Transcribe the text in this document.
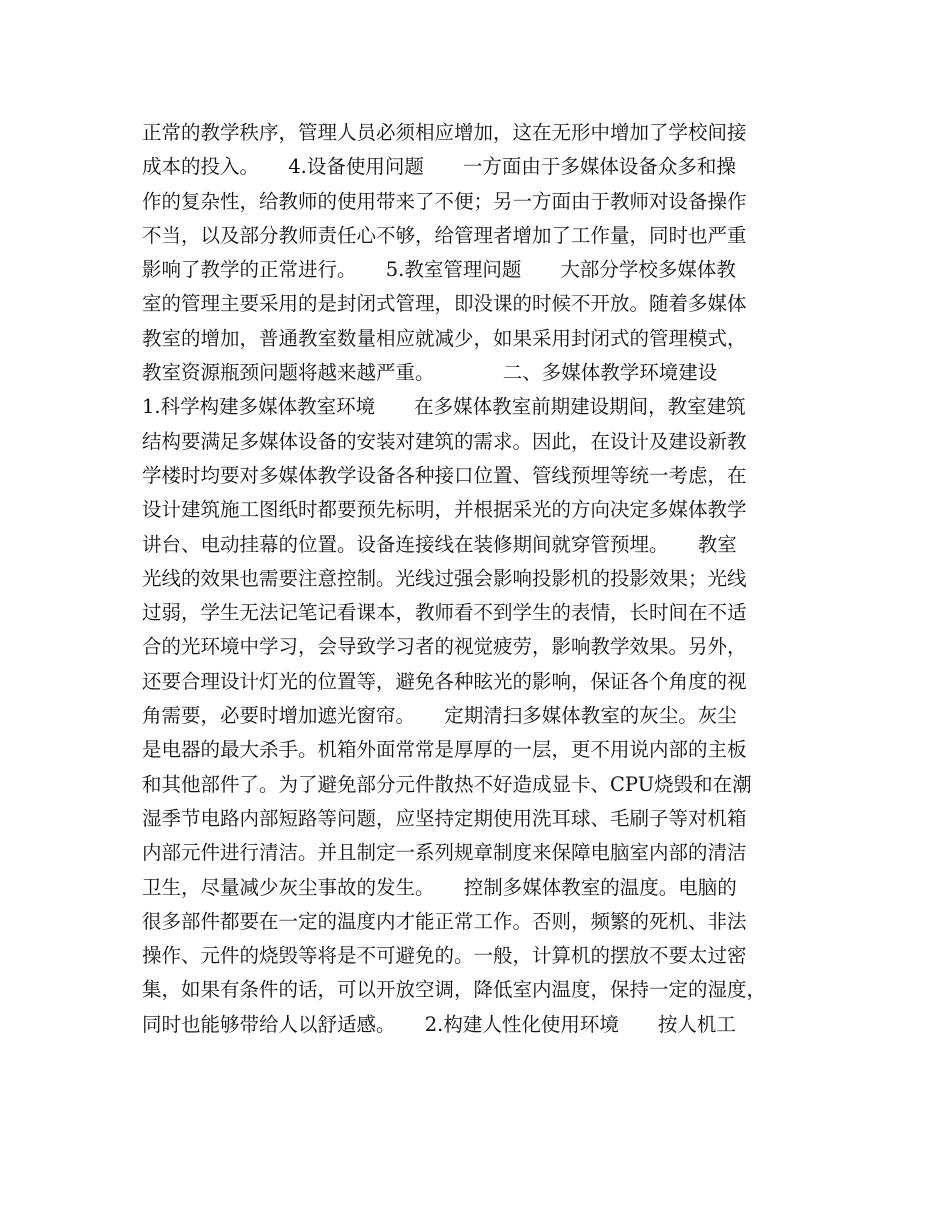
正常的教学秩序，管理人员必须相应增加，这在无形中增加了学校间接
成本的投入。　　4.设备使用问题　　一方面由于多媒体设备众多和操
作的复杂性，给教师的使用带来了不便；另一方面由于教师对设备操作
不当，以及部分教师责任心不够，给管理者增加了工作量，同时也严重
影响了教学的正常进行。　　5.教室管理问题　　大部分学校多媒体教
室的管理主要采用的是封闭式管理，即没课的时候不开放。随着多媒体
教室的增加，普通教室数量相应就减少，如果采用封闭式的管理模式，
教室资源瓶颈问题将越来越严重。　　　　二、多媒体教学环境建设
1.科学构建多媒体教室环境　　在多媒体教室前期建设期间，教室建筑
结构要满足多媒体设备的安装对建筑的需求。因此，在设计及建设新教
学楼时均要对多媒体教学设备各种接口位置、管线预埋等统一考虑，在
设计建筑施工图纸时都要预先标明，并根据采光的方向决定多媒体教学
讲台、电动挂幕的位置。设备连接线在装修期间就穿管预埋。　　教室
光线的效果也需要注意控制。光线过强会影响投影机的投影效果；光线
过弱，学生无法记笔记看课本，教师看不到学生的表情，长时间在不适
合的光环境中学习，会导致学习者的视觉疲劳，影响教学效果。另外，
还要合理设计灯光的位置等，避免各种眩光的影响，保证各个角度的视
角需要，必要时增加遮光窗帘。　　定期清扫多媒体教室的灰尘。灰尘
是电器的最大杀手。机箱外面常常是厚厚的一层，更不用说内部的主板
和其他部件了。为了避免部分元件散热不好造成显卡、CPU烧毁和在潮
湿季节电路内部短路等问题，应坚持定期使用洗耳球、毛刷子等对机箱
内部元件进行清洁。并且制定一系列规章制度来保障电脑室内部的清洁
卫生，尽量减少灰尘事故的发生。　　控制多媒体教室的温度。电脑的
很多部件都要在一定的温度内才能正常工作。否则，频繁的死机、非法
操作、元件的烧毁等将是不可避免的。一般，计算机的摆放不要太过密
集，如果有条件的话，可以开放空调，降低室内温度，保持一定的湿度，
同时也能够带给人以舒适感。　　2.构建人性化使用环境　　按人机工
